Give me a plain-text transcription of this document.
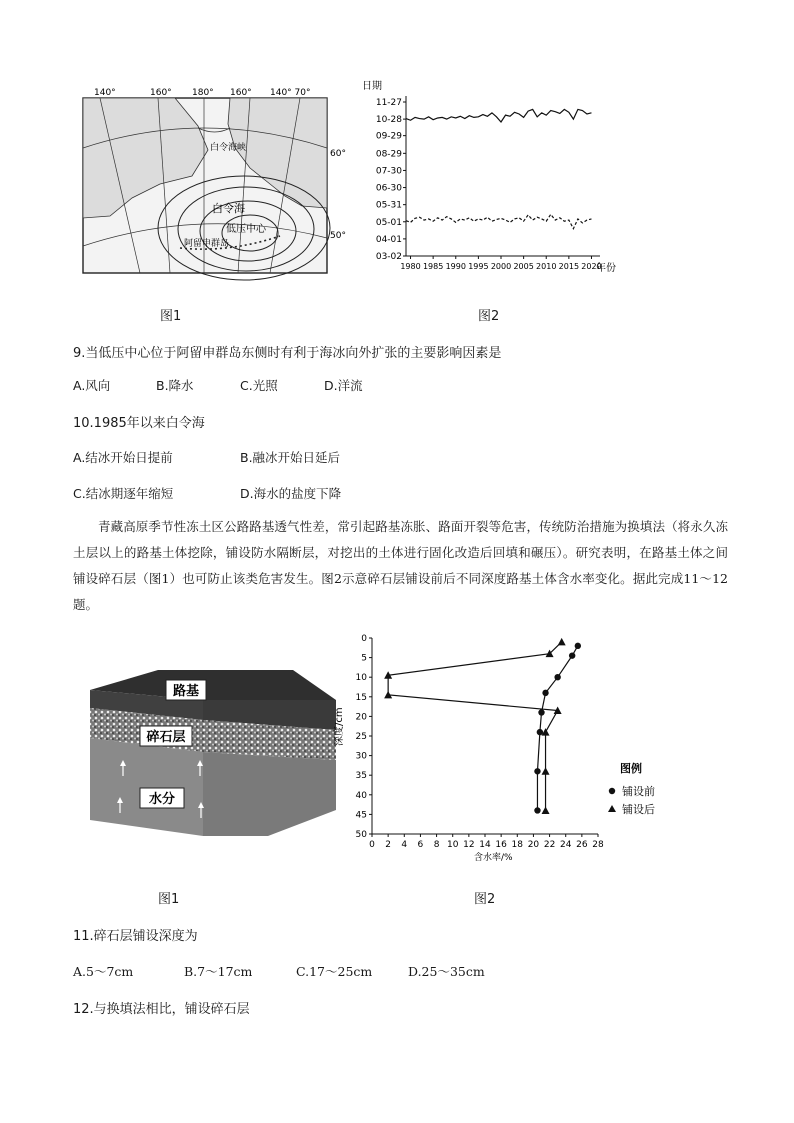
140°	160° 180° 160° 140° 70°
60°
50°
白令海峡
白令海
低压中心
阿留申群岛
图1
日期
年份
11-27
10-28
09-29
08-29
07-30
06-30
05-31
05-01
04-01
03-02
1980 1985 1990 1995 2000 2005 2010 2015 2020
图2
9.当低压中心位于阿留申群岛东侧时有利于海冰向外扩张的主要影响因素是
A.风向	B.降水	C.光照	D.洋流
10.1985年以来白令海
A.结冰开始日提前	B.融冰开始日延后
C.结冰期逐年缩短	D.海水的盐度下降

青藏高原季节性冻土区公路路基透气性差，常引起路基冻胀、路面开裂等危害，传统防治措施为换填法（将永久冻土层以上的路基土体挖除，铺设防水隔断层，对挖出的土体进行固化改造后回填和碾压）。研究表明，在路基土体之间铺设碎石层（图1）也可防止该类危害发生。图2示意碎石层铺设前后不同深度路基土体含水率变化。据此完成11～12题。

路基
碎石层
水分
图1
深度/cm
含水率/%
0
5
10
15
20
25
30
35
40
45
50
0 2 4 6 8 10 12 14 16 18 20 22 24 26 28
图例
铺设前
铺设后
图2
11.碎石层铺设深度为
A.5～7cm	B.7～17cm	C.17～25cm	D.25～35cm
12.与换填法相比，铺设碎石层
